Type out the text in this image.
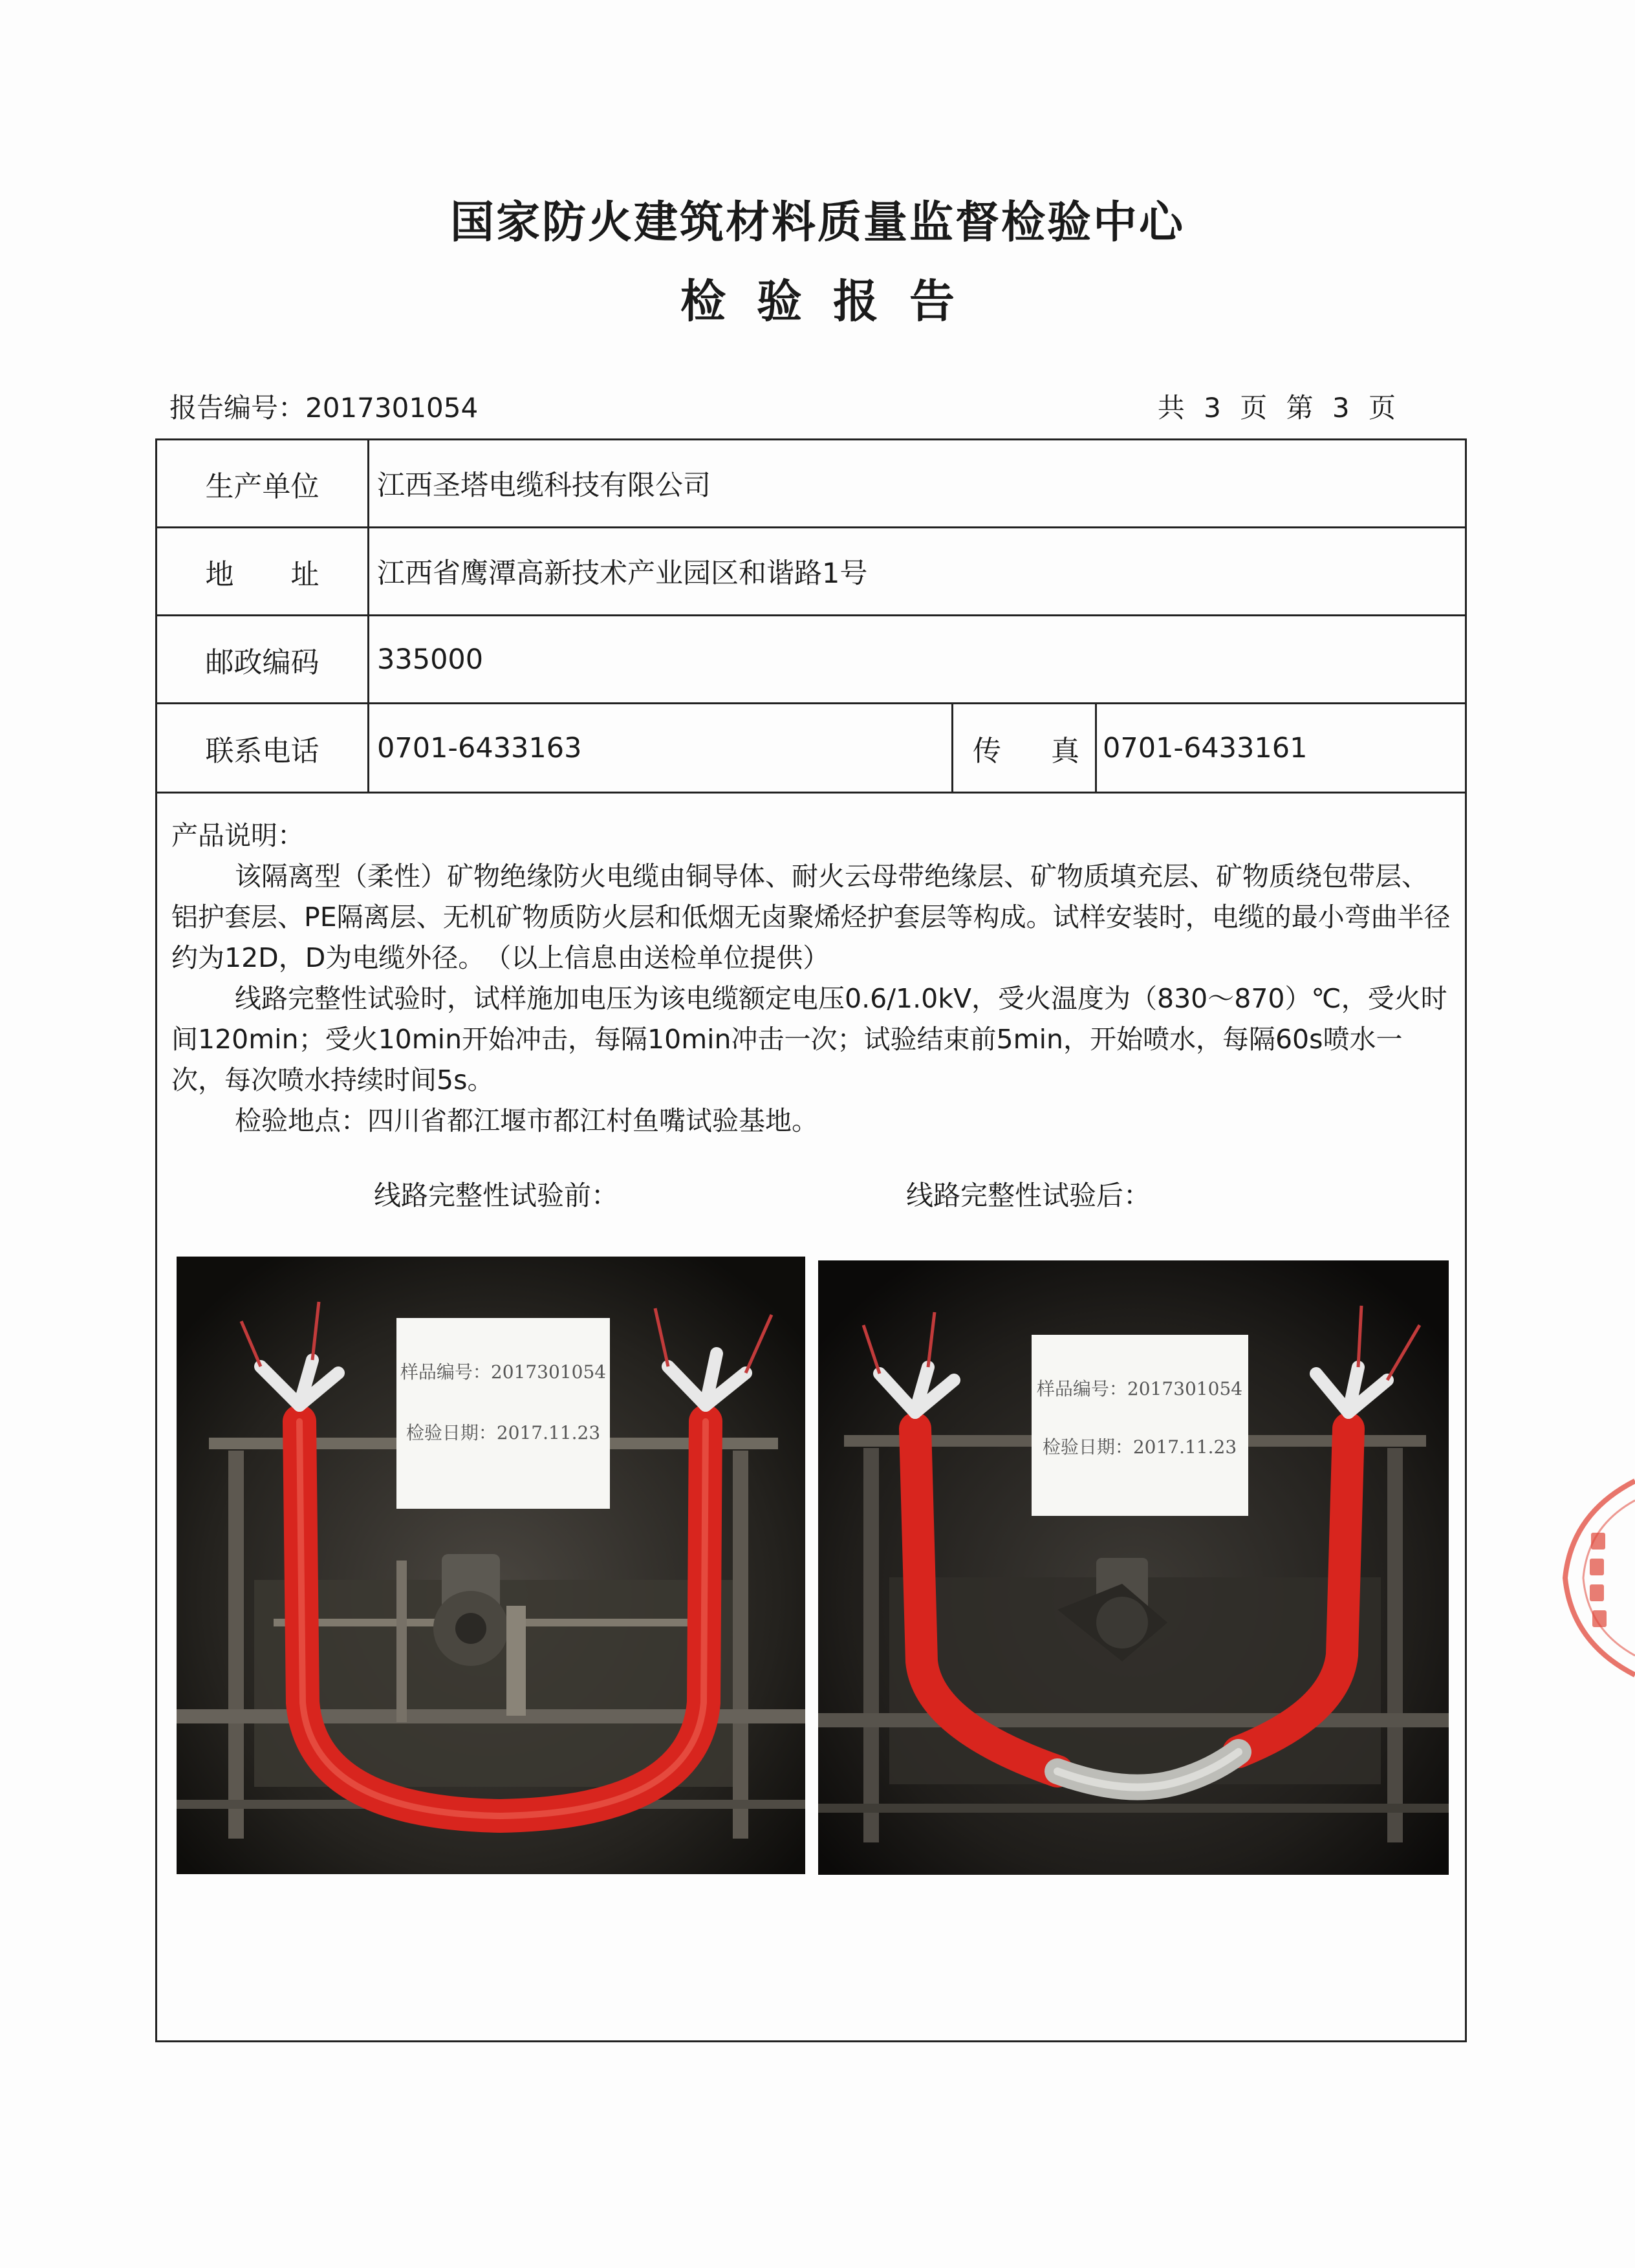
国家防火建筑材料质量监督检验中心
检验报告
报告编号：2017301054	共 3 页 第 3 页
生产单位	江西圣塔电缆科技有限公司
地　　址	江西省鹰潭高新技术产业园区和谐路1号
邮政编码	335000
联系电话	0701-6433163	传 真 0701-6433161

产品说明：

该隔离型（柔性）矿物绝缘防火电缆由铜导体、耐火云母带绝缘层、矿物质填充层、矿物质绕包带层、铝护套层、PE隔离层、无机矿物质防火层和低烟无卤聚烯烃护套层等构成。试样安装时，电缆的最小弯曲半径约为12D，D为电缆外径。　（以上信息由送检单位提供）

线路完整性试验时，试样施加电压为该电缆额定电压0.6/1.0kV，受火温度为（830～870）℃，受火时间120min；受火10min开始冲击，每隔10min冲击一次；试验结束前5min，开始喷水，每隔60s喷水一次，每次喷水持续时间5s。

检验地点：四川省都江堰市都江村鱼嘴试验基地。

线路完整性试验前：	线路完整性试验后：
样品编号：2017301054
检验日期：2017.11.23
样品编号：2017301054
检验日期：2017.11.23
